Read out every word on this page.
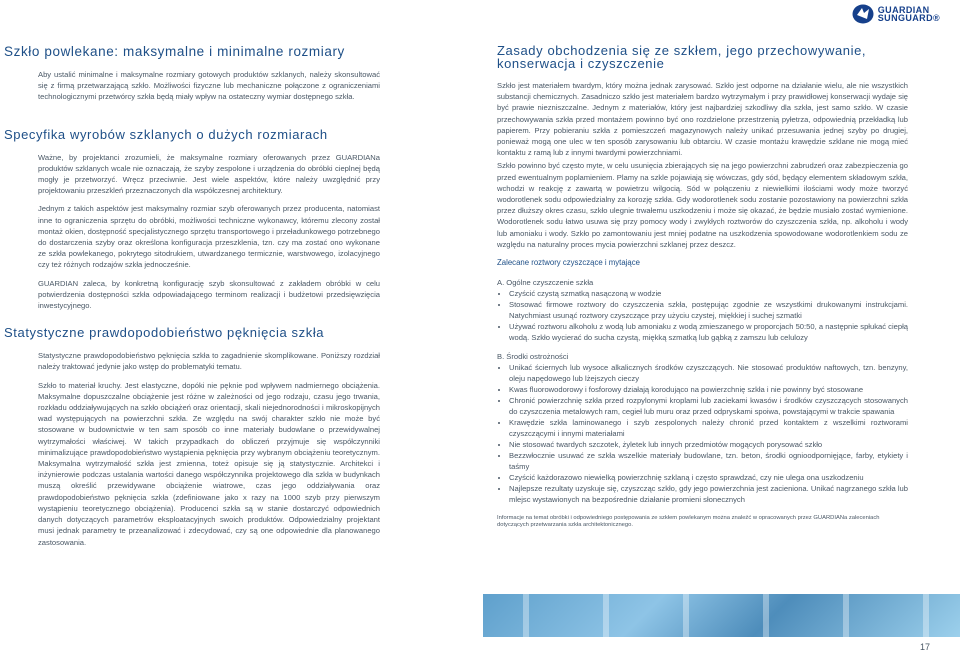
GUARDIAN
SUNGUARD®
Szkło powlekane: maksymalne i minimalne rozmiary

Aby ustalić minimalne i maksymalne rozmiary gotowych produktów szklanych, należy skonsultować się z firmą przetwarzającą szkło. Możliwości fizyczne lub mechaniczne połączone z ograniczeniami technologicznymi przetwórcy szkła będą miały wpływ na ostateczny wymiar dostępnego szkła.

Specyfika wyrobów szklanych o dużych rozmiarach

Ważne, by projektanci zrozumieli, że maksymalne rozmiary oferowanych przez GUARDIANa produktów szklanych wcale nie oznaczają, że szyby zespolone i urządzenia do obróbki cieplnej będą mogły je przetworzyć. Wręcz przeciwnie. Jest wiele aspektów, które należy uwzględnić przy projektowaniu przeszkleń przeznaczonych dla współczesnej architektury.

Jednym z takich aspektów jest maksymalny rozmiar szyb oferowanych przez producenta, natomiast inne to ograniczenia sprzętu do obróbki, możliwości techniczne wykonawcy, któremu zlecony został montaż okien, dostępność specjalistycznego sprzętu transportowego i przeładunkowego potrzebnego do dostarczenia szyby oraz określona konfiguracja przeszklenia, tzn. czy ma zostać ono wykonane ze szkła powlekanego, pokrytego sitodrukiem, utwardzanego termicznie, warstwowego, izolacyjnego czy też różnych rodzajów szkła jednocześnie.

GUARDIAN zaleca, by konkretną konfigurację szyb skonsultować z zakładem obróbki w celu potwierdzenia dostępności szkła odpowiadającego terminom realizacji i budżetowi przedsięwzięcia inwestycyjnego.

Statystyczne prawdopodobieństwo pęknięcia szkła

Statystyczne prawdopodobieństwo pęknięcia szkła to zagadnienie skomplikowane. Poniższy rozdział należy traktować jedynie jako wstęp do problematyki tematu.

Szkło to materiał kruchy. Jest elastyczne, dopóki nie pęknie pod wpływem nadmiernego obciążenia. Maksymalne dopuszczalne obciążenie jest różne w zależności od jego rodzaju, czasu jego trwania, rozkładu oddziaływujących na szkło obciążeń oraz orientacji, skali niejednorodności i mikroskopijnych wad występujących na powierzchni szkła. Ze względu na swój charakter szkło nie może być stosowane w budownictwie w ten sam sposób co inne materiały budowlane o przewidywalnej wytrzymałości właściwej. W takich przypadkach do obliczeń przyjmuje się współczynniki minimalizujące prawdopodobieństwo wystąpienia pęknięcia przy wybranym obciążeniu teoretycznym. Maksymalna wytrzymałość szkła jest zmienna, toteż opisuje się ją statystycznie. Architekci i inżynierowie podczas ustalania wartości danego współczynnika projektowego dla szkła w budynkach muszą określić przewidywane obciążenie wiatrowe, czas jego oddziaływania oraz prawdopodobieństwo pęknięcia szkła (zdefiniowane jako x razy na 1000 szyb przy pierwszym wystąpieniu teoretycznego obciążenia). Producenci szkła są w stanie dostarczyć odpowiednich danych dotyczących parametrów eksploatacyjnych swoich produktów. Odpowiedzialny projektant musi jednak parametry te przeanalizować i zdecydować, czy są one odpowiednie dla planowanego zastosowania.

Zasady obchodzenia się ze szkłem, jego przechowywanie, konserwacja i czyszczenie

Szkło jest materiałem twardym, który można jednak zarysować. Szkło jest odporne na działanie wielu, ale nie wszystkich substancji chemicznych. Zasadniczo szkło jest materiałem bardzo wytrzymałym i przy prawidłowej konserwacji wydaje się być prawie niezniszczalne. Jednym z materiałów, który jest najbardziej szkodliwy dla szkła, jest samo szkło. W czasie przechowywania szkła przed montażem powinno być ono rozdzielone przestrzenią pyłetrza, odpowiednią przekładką lub papierem. Przy pobieraniu szkła z pomieszczeń magazynowych należy unikać przesuwania jednej szyby po drugiej, ponieważ mogą one ulec w ten sposób zarysowaniu lub obtarciu. W czasie montażu krawędzie szklane nie mogą mieć kontaktu z ramą lub z innymi twardymi powierzchniami.

Szkło powinno być często myte, w celu usunięcia zbierających się na jego powierzchni zabrudzeń oraz zabezpieczenia go przed ewentualnym poplamieniem. Plamy na szkle pojawiają się wówczas, gdy sód, będący elementem składowym szkła, wchodzi w reakcję z zawartą w powietrzu wilgocią. Sód w połączeniu z niewielkimi ilościami wody może tworzyć wodorotlenek sodu odpowiedzialny za korozję szkła. Gdy wodorotlenek sodu zostanie pozostawiony na powierzchni szkła przez dłuższy okres czasu, szkło ulegnie trwałemu uszkodzeniu i może się okazać, że będzie musiało zostać wymienione. Wodorotlenek sodu łatwo usuwa się przy pomocy wody i zwykłych roztworów do czyszczenia szkła, np. alkoholu i wody lub amoniaku i wody. Szkło po zamontowaniu jest mniej podatne na uszkodzenia spowodowane wodorotlenkiem sodu ze względu na naturalny proces mycia powierzchni szklanej przez deszcz.

Zalecane roztwory czyszczące i mytające
A. Ogólne czyszczenie szkła
• Czyścić czystą szmatką nasączoną w wodzie
• Stosować firmowe roztwory do czyszczenia szkła, postępując zgodnie ze wszystkimi drukowanymi instrukcjami. Natychmiast usunąć roztwory czyszczące przy użyciu czystej, miękkiej i suchej szmatki
• Używać roztworu alkoholu z wodą lub amoniaku z wodą zmieszanego w proporcjach 50:50, a następnie spłukać ciepłą wodą. Szkło wycierać do sucha czystą, miękką szmatką lub gąbką z zamszu lub celulozy
B. Środki ostrożności
• Unikać ściernych lub wysoce alkalicznych środków czyszczących. Nie stosować produktów naftowych, tzn. benzyny, oleju napędowego lub lżejszych cieczy
• Kwas fluorowodorowy i fosforowy działają korodująco na powierzchnię szkła i nie powinny być stosowane
• Chronić powierzchnię szkła przed rozpylonymi kroplami lub zaciekami kwasów i środków czyszczących stosowanych do czyszczenia metalowych ram, cegieł lub muru oraz przed odpryskami spoiwa, powstającymi w trakcie spawania
• Krawędzie szkła laminowanego i szyb zespolonych należy chronić przed kontaktem z wszelkimi roztworami czyszczącymi i innymi materiałami
• Nie stosować twardych szczotek, żyletek lub innych przedmiotów mogących porysować szkło
• Bezzwłocznie usuwać ze szkła wszelkie materiały budowlane, tzn. beton, środki ognioodpornięjące, farby, etykiety i taśmy
• Czyścić każdorazowo niewielką powierzchnię szklaną i często sprawdzać, czy nie ulega ona uszkodzeniu
• Najlepsze rezultaty uzyskuje się, czyszcząc szkło, gdy jego powierzchnia jest zacieniona. Unikać nagrzanego szkła lub mlejsc wystawionych na bezpośrednie działanie promieni słonecznych
Informacje na temat obróbki i odpowiedniego postępowania ze szkłem powlekanym można znaleźć w opracowanych przez GUARDIANa zaleceniach dotyczących przetwarzania szkła architektonicznego.
17
